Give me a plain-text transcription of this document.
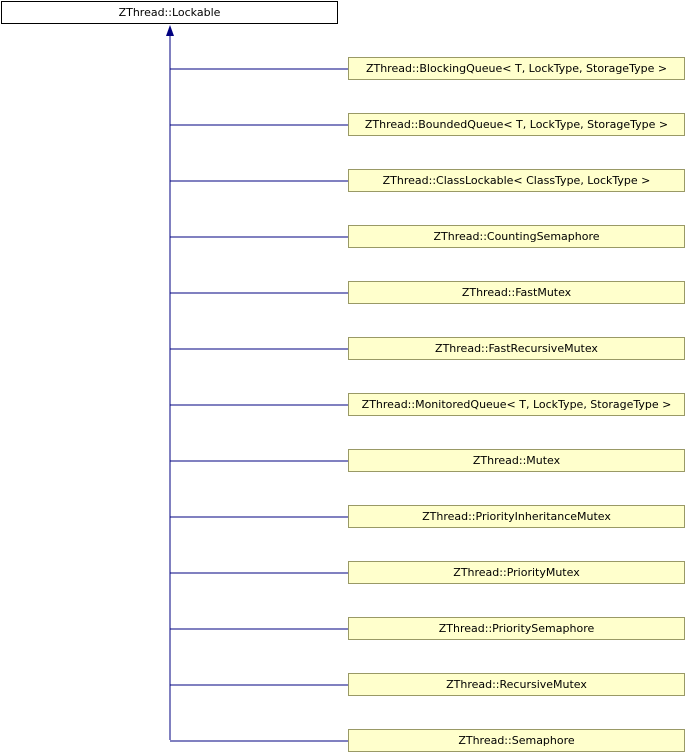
ZThread::Lockable
ZThread::BlockingQueue< T, LockType, StorageType >
ZThread::BoundedQueue< T, LockType, StorageType >
ZThread::ClassLockable< ClassType, LockType >
ZThread::CountingSemaphore
ZThread::FastMutex
ZThread::FastRecursiveMutex
ZThread::MonitoredQueue< T, LockType, StorageType >
ZThread::Mutex
ZThread::PriorityInheritanceMutex
ZThread::PriorityMutex
ZThread::PrioritySemaphore
ZThread::RecursiveMutex
ZThread::Semaphore
